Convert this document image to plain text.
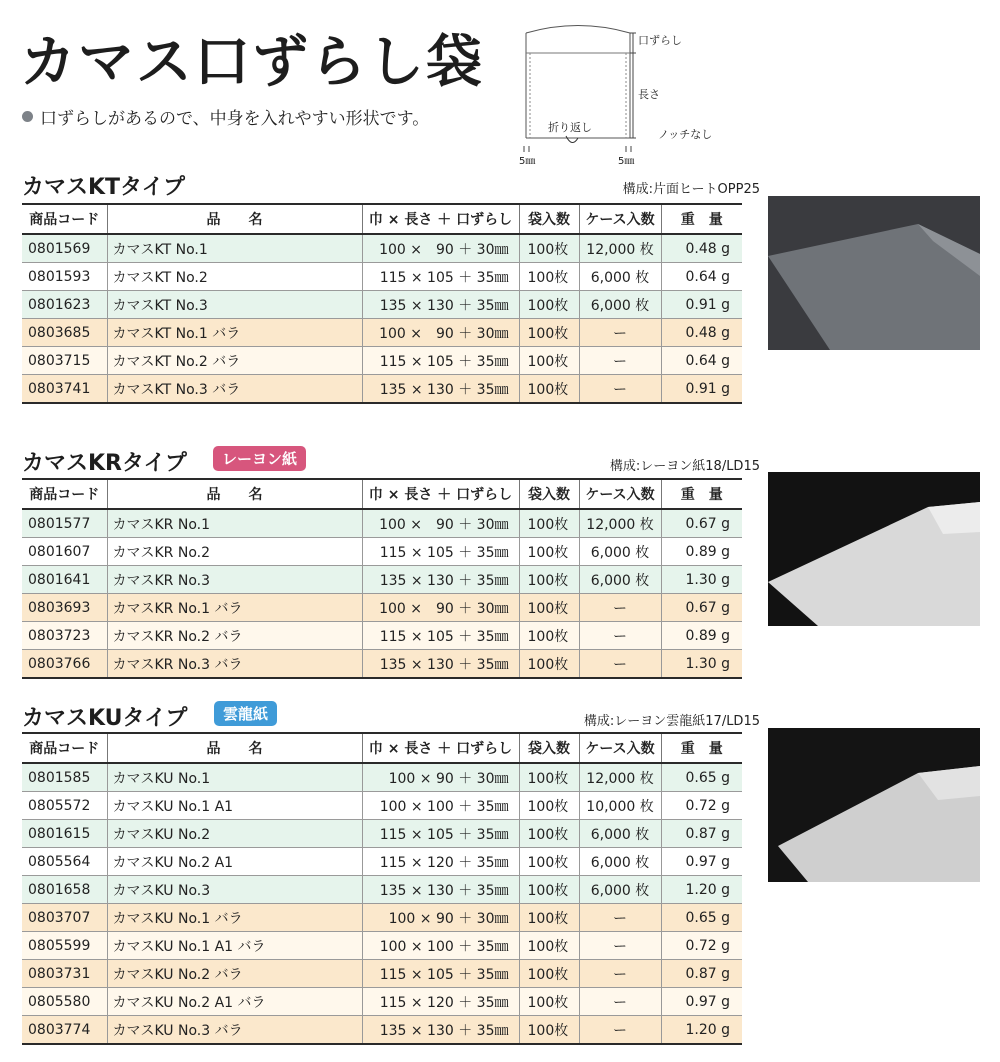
カマス口ずらし袋
口ずらしがあるので、中身を入れやすい形状です。
口ずらし
長さ
折り返し
ノッチなし
5㎜	5㎜
カマスKTタイプ	構成:片面ヒートOPP25
商品コード	品　　名	巾 × 長さ ＋ 口ずらし	袋入数	ケース入数	重　量
0801569	カマスKT No.1	100 ×　90 ＋ 30㎜	100枚	12,000 枚	0.48 g
0801593	カマスKT No.2	115 × 105 ＋ 35㎜	100枚	6,000 枚	0.64 g
0801623	カマスKT No.3	135 × 130 ＋ 35㎜	100枚	6,000 枚	0.91 g
0803685	カマスKT No.1 バラ	100 ×　90 ＋ 30㎜	100枚	ー	0.48 g
0803715	カマスKT No.2 バラ	115 × 105 ＋ 35㎜	100枚	ー	0.64 g
0803741	カマスKT No.3 バラ	135 × 130 ＋ 35㎜	100枚	ー	0.91 g
カマスKRタイプ	レーヨン紙	構成:レーヨン紙18/LD15
商品コード	品　　名	巾 × 長さ ＋ 口ずらし	袋入数	ケース入数	重　量
0801577	カマスKR No.1	100 ×　90 ＋ 30㎜	100枚	12,000 枚	0.67 g
0801607	カマスKR No.2	115 × 105 ＋ 35㎜	100枚	6,000 枚	0.89 g
0801641	カマスKR No.3	135 × 130 ＋ 35㎜	100枚	6,000 枚	1.30 g
0803693	カマスKR No.1 バラ	100 ×　90 ＋ 30㎜	100枚	ー	0.67 g
0803723	カマスKR No.2 バラ	115 × 105 ＋ 35㎜	100枚	ー	0.89 g
0803766	カマスKR No.3 バラ	135 × 130 ＋ 35㎜	100枚	ー	1.30 g
カマスKUタイプ	雲龍紙	構成:レーヨン雲龍紙17/LD15
商品コード	品　　名	巾 × 長さ ＋ 口ずらし	袋入数	ケース入数	重　量
0801585	カマスKU No.1	100 × 90 ＋ 30㎜	100枚	12,000 枚	0.65 g
0805572	カマスKU No.1 A1	100 × 100 ＋ 35㎜	100枚	10,000 枚	0.72 g
0801615	カマスKU No.2	115 × 105 ＋ 35㎜	100枚	6,000 枚	0.87 g
0805564	カマスKU No.2 A1	115 × 120 ＋ 35㎜	100枚	6,000 枚	0.97 g
0801658	カマスKU No.3	135 × 130 ＋ 35㎜	100枚	6,000 枚	1.20 g
0803707	カマスKU No.1 バラ	100 × 90 ＋ 30㎜	100枚	ー	0.65 g
0805599	カマスKU No.1 A1 バラ	100 × 100 ＋ 35㎜	100枚	ー	0.72 g
0803731	カマスKU No.2 バラ	115 × 105 ＋ 35㎜	100枚	ー	0.87 g
0805580	カマスKU No.2 A1 バラ	115 × 120 ＋ 35㎜	100枚	ー	0.97 g
0803774	カマスKU No.3 バラ	135 × 130 ＋ 35㎜	100枚	ー	1.20 g
